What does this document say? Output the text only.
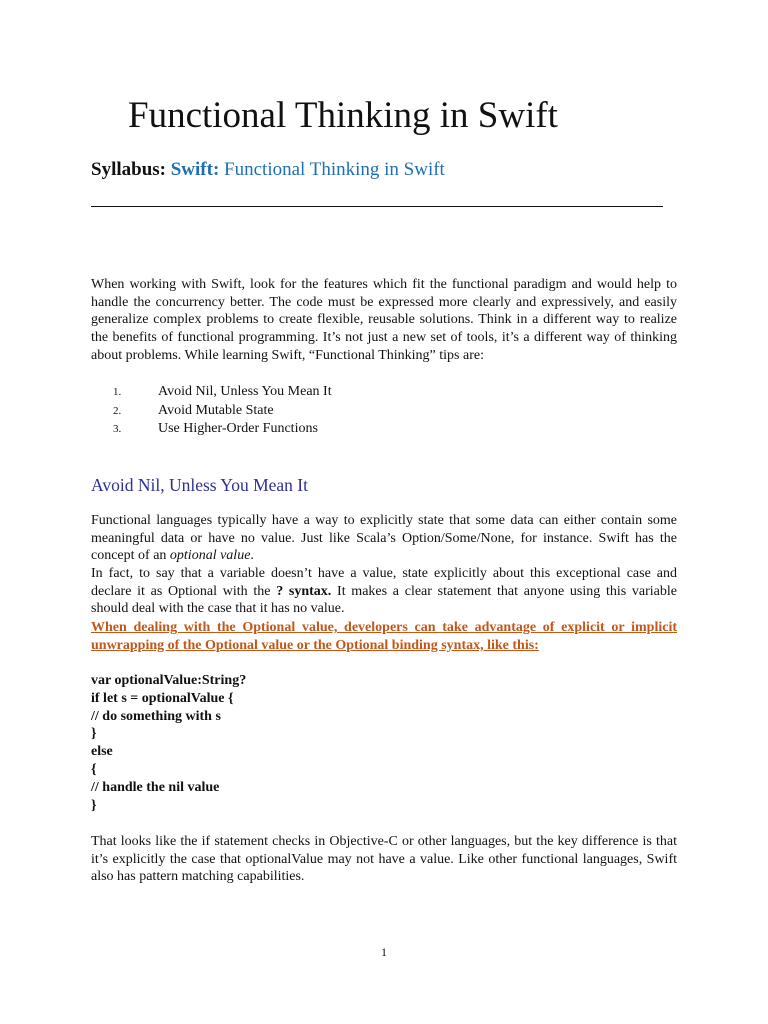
Functional Thinking in Swift
Syllabus: Swift: Functional Thinking in Swift

When working with Swift, look for the features which fit the functional paradigm and would help to handle the concurrency better. The code must be expressed more clearly and expressively, and easily generalize complex problems to create flexible, reusable solutions. Think in a different way to realize the benefits of functional programming. It’s not just a new set of tools, it’s a different way of thinking about problems. While learning Swift, “Functional Thinking” tips are:

1.	Avoid Nil, Unless You Mean It
2.	Avoid Mutable State
3.	Use Higher-Order Functions
Avoid Nil, Unless You Mean It

Functional languages typically have a way to explicitly state that some data can either contain some meaningful data or have no value. Just like Scala’s Option/Some/None, for instance. Swift has the concept of an optional value.

In fact, to say that a variable doesn’t have a value, state explicitly about this exceptional case and declare it as Optional with the ? syntax. It makes a clear statement that anyone using this variable should deal with the case that it has no value.

When dealing with the Optional value, developers can take advantage of explicit or implicit unwrapping of the Optional value or the Optional binding syntax, like this:

var optionalValue:String?
if let s = optionalValue {
// do something with s
}
else
{
// handle the nil value
}

That looks like the if statement checks in Objective-C or other languages, but the key difference is that it’s explicitly the case that optionalValue may not have a value. Like other functional languages, Swift also has pattern matching capabilities.

1
